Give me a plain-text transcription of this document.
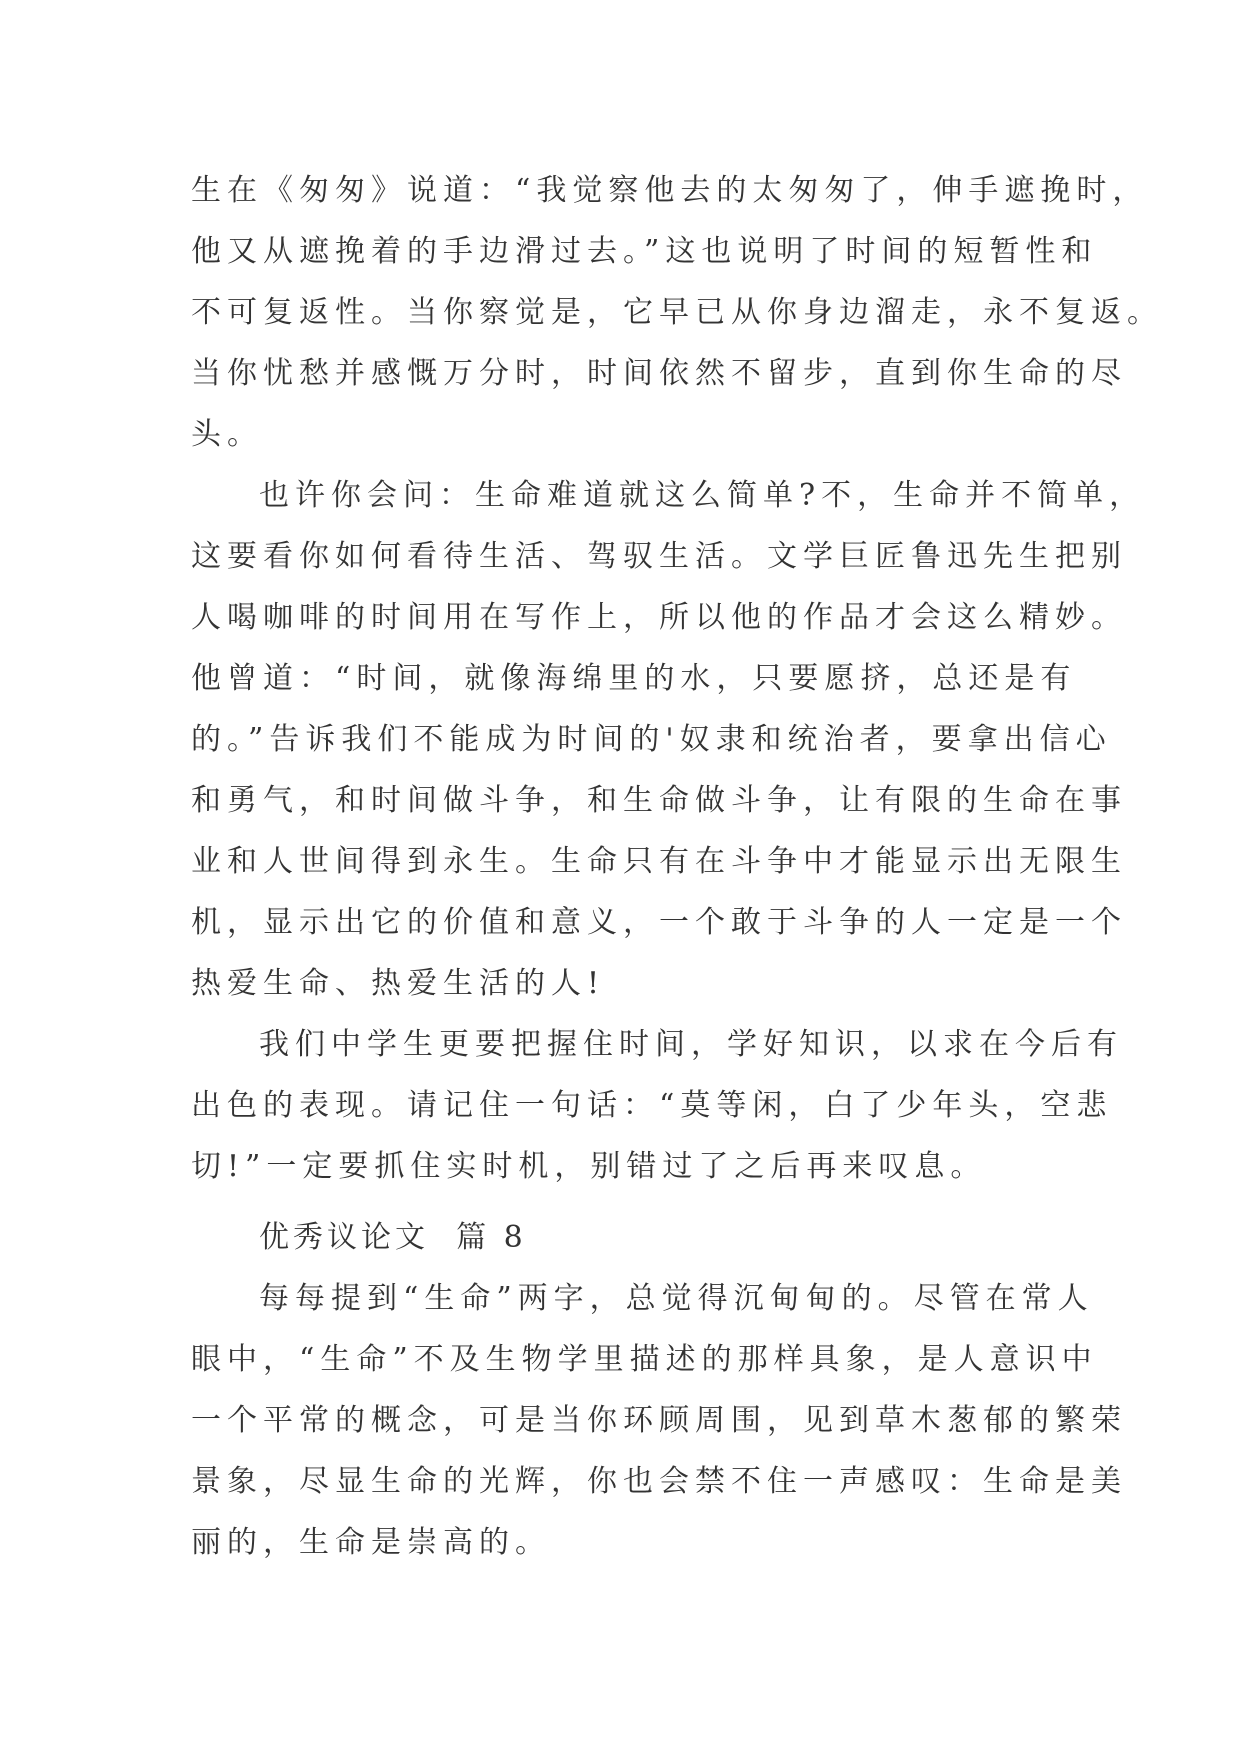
生在《匆匆》说道：“我觉察他去的太匆匆了，伸手遮挽时，
他又从遮挽着的手边滑过去。”这也说明了时间的短暂性和
不可复返性。当你察觉是，它早已从你身边溜走，永不复返。
当你忧愁并感慨万分时，时间依然不留步，直到你生命的尽
头。
也许你会问：生命难道就这么简单?不，生命并不简单，
这要看你如何看待生活、驾驭生活。文学巨匠鲁迅先生把别
人喝咖啡的时间用在写作上，所以他的作品才会这么精妙。
他曾道：“时间，就像海绵里的水，只要愿挤，总还是有
的。”告诉我们不能成为时间的'奴隶和统治者，要拿出信心
和勇气，和时间做斗争，和生命做斗争，让有限的生命在事
业和人世间得到永生。生命只有在斗争中才能显示出无限生
机，显示出它的价值和意义，一个敢于斗争的人一定是一个
热爱生命、热爱生活的人!
我们中学生更要把握住时间，学好知识，以求在今后有
出色的表现。请记住一句话：“莫等闲，白了少年头，空悲
切!”一定要抓住实时机，别错过了之后再来叹息。
优秀议论文  篇 8
每每提到“生命”两字，总觉得沉甸甸的。尽管在常人
眼中，“生命”不及生物学里描述的那样具象，是人意识中
一个平常的概念，可是当你环顾周围，见到草木葱郁的繁荣
景象，尽显生命的光辉，你也会禁不住一声感叹：生命是美
丽的，生命是崇高的。
